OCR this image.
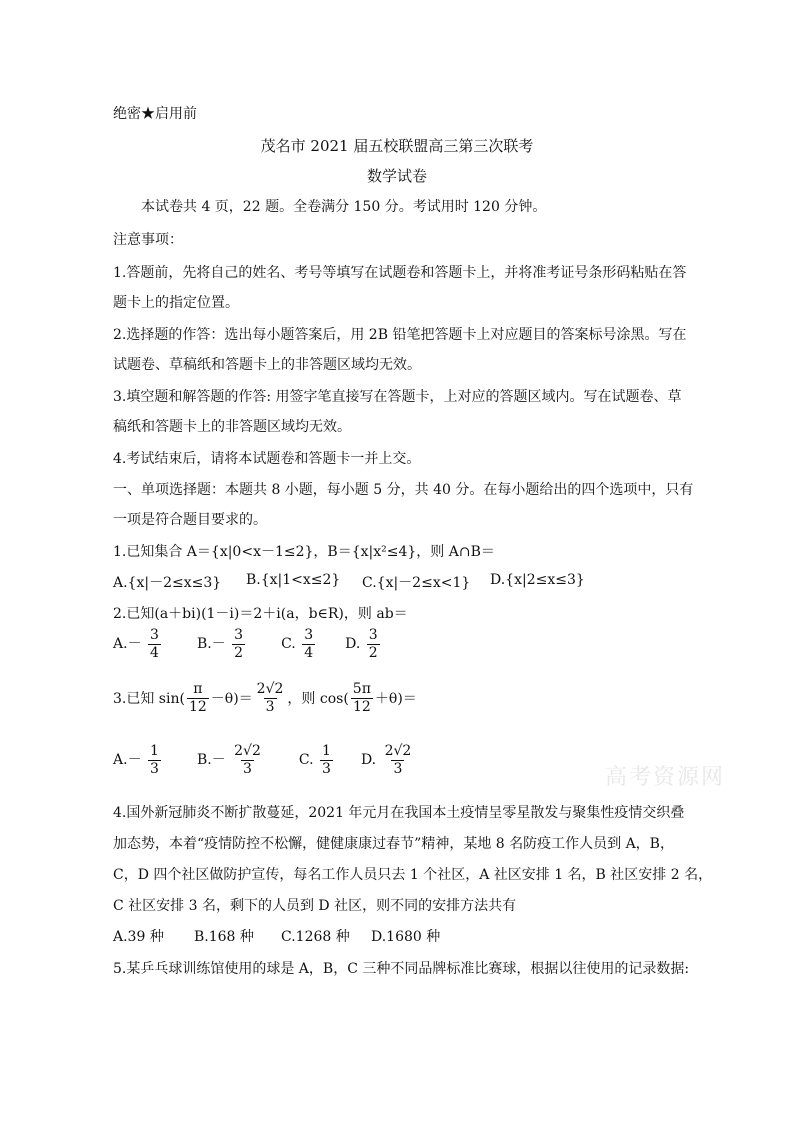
绝密★启用前
茂名市 2021 届五校联盟高三第三次联考
数学试卷
本试卷共 4 页，22 题。全卷满分 150 分。考试用时 120 分钟。
注意事项：
1.答题前，先将自己的姓名、考号等填写在试题卷和答题卡上，并将准考证号条形码粘贴在答
题卡上的指定位置。
2.选择题的作答：选出每小题答案后，用 2B 铅笔把答题卡上对应题目的答案标号涂黑。写在
试题卷、草稿纸和答题卡上的非答题区域均无效。
3.填空题和解答题的作答: 用签字笔直接写在答题卡，上对应的答题区域内。写在试题卷、草
稿纸和答题卡上的非答题区域均无效。
4.考试结束后，请将本试题卷和答题卡一并上交。
一、单项选择题：本题共 8 小题，每小题 5 分，共 40 分。在每小题给出的四个选项中，只有
一项是符合题目要求的。
1.已知集合 A＝{x|0<x－1≤2}，B＝{x|x²≤4}，则 A∩B＝
A.{x|－2≤x≤3} B.{x|1<x≤2} C.{x|－2≤x<1} D.{x|2≤x≤3}
2.已知(a＋bi)(1－i)＝2＋i(a，b∈R)，则 ab＝
$A.- \frac{3}{4}$	$B.- \frac{3}{2}$	C. $\frac{3}{4} D$. $\frac{3}{2}$
3.已知 $\sin( \frac{\pi}{12} -\theta)= \frac{2√2}{3}$ ，则 $\cos( \frac{5\pi}{12} +\theta)=$
$A.- \frac{1}{3}$	$B.- \frac{2√2}{3}$	C. $\frac{1}{3} D$. $\frac{2√2}{3}$
高考资源网
4.国外新冠肺炎不断扩散蔓延，2021 年元月在我国本土疫情呈零星散发与聚集性疫情交织叠
加态势，本着“疫情防控不松懈，健健康康过春节”精神，某地 8 名防疫工作人员到 A，B，
C，D 四个社区做防护宣传，每名工作人员只去 1 个社区，A 社区安排 1 名，B 社区安排 2 名，
C 社区安排 3 名，剩下的人员到 D 社区，则不同的安排方法共有
A.39 种 B.168 种 C.1268 种 D.1680 种
5.某乒乓球训练馆使用的球是 A，B，C 三种不同品牌标准比赛球，根据以往使用的记录数据:
